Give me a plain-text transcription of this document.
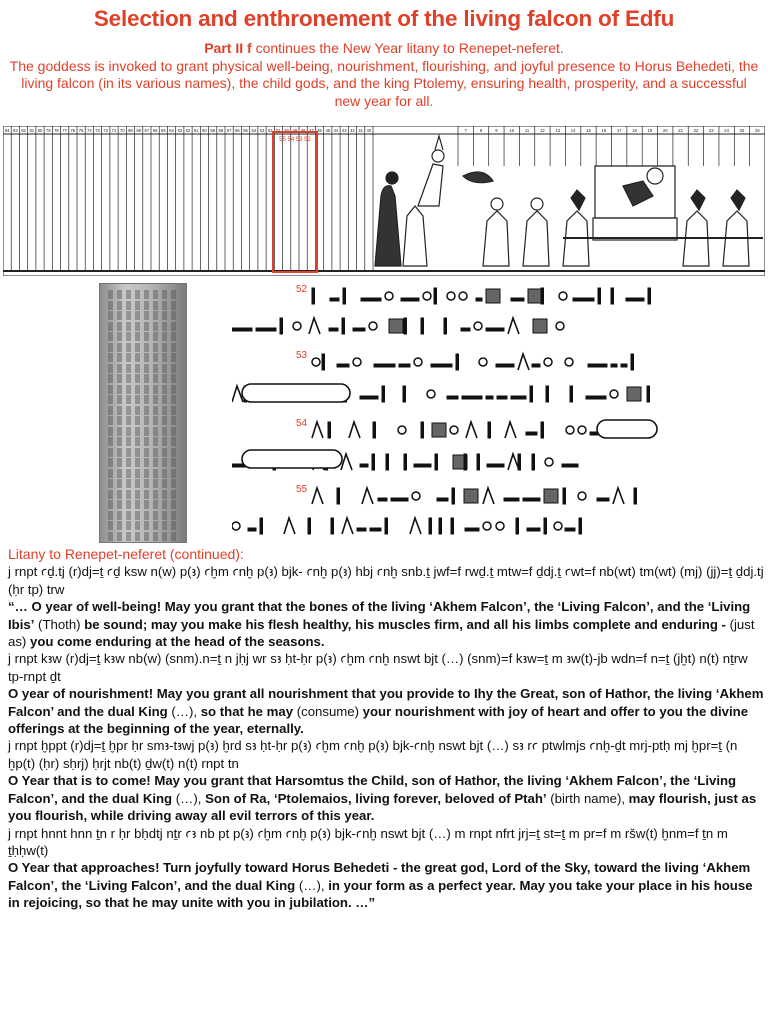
Selection and enthronement of the living falcon of Edfu
Part II f continues the New Year litany to Renepet-neferet.
The goddess is invoked to grant physical well-being, nourishment, flourishing, and joyful presence to Horus Behedeti, the living falcon (in its various names), the child gods, and the king Ptolemy, ensuring health, prosperity, and a successful new year for all.
84 83 82 81 80 79 78 77 76 75 74 73 72 71 70 69 68 67 66 65 64 63 62 61 60 59 58 57 56 55 54 53 52 51 50 49 48 47 46 45 44 43 42 41 40	7	8	9	10	11	12	13	14	15	16	17	18	19	20	21	22	23	24	25	26
55 54 53 52
52
53
54
55

Litany to Renepet-neferet (continued):

j rnpt ꜥḏ.tj (r)dj=ṯ ꜥḏ ksw n(w) p(ꜣ) ꜥḫm ꜥnḫ p(ꜣ) bjk- ꜥnḫ p(ꜣ) hbj ꜥnḫ snb.ṯ jwf=f rwḏ.ṯ mtw=f ḏdj.ṯ ꜥwt=f nb(wt) tm(wt) (mj) (jj)=ṯ ḏdj.tj (ḥr tp) trw

“… O year of well-being! May you grant that the bones of the living ‘Akhem Falcon’, the ‘Living Falcon’, and the ‘Living Ibis’ (Thoth) be sound; may you make his flesh healthy, his muscles firm, and all his limbs complete and enduring - (just as) you come enduring at the head of the seasons.

j rnpt kꜣw (r)dj=ṯ kꜣw nb(w) (snm).n=ṯ n jḥj wr sꜣ ḥt-ḥr p(ꜣ) ꜥḫm ꜥnḫ nswt bjt (…) (snm)=f kꜣw=ṯ m ꜣw(t)-jb wdn=f n=ṯ (jḫt) n(t) nṯrw tp-rnpt ḏt

O year of nourishment! May you grant all nourishment that you provide to Ihy the Great, son of Hathor, the living ‘Akhem Falcon’ and the dual King (…), so that he may (consume) your nourishment with joy of heart and offer to you the divine offerings at the beginning of the year, eternally.

j rnpt ḫppt (r)dj=ṯ ḫpr ḥr smꜣ-tꜣwj p(ꜣ) ḫrd sꜣ ḥt-ḥr p(ꜣ) ꜥḫm ꜥnḫ p(ꜣ) bjk-ꜥnḫ nswt bjt (…) sꜣ rꜥ ptwlmjs ꜥnḫ-ḏt mrj-ptḥ mj ḫpr=ṯ (n ḫp(t) (ḥr) sḥrj) ḥrjt nb(t) ḏw(t) n(t) rnpt tn

O Year that is to come! May you grant that Harsomtus the Child, son of Hathor, the living ‘Akhem Falcon’, the ‘Living Falcon’, and the dual King (…), Son of Ra, ‘Ptolemaios, living forever, beloved of Ptah’ (birth name), may flourish, just as you flourish, while driving away all evil terrors of this year.

j rnpt hnnt hnn ṯn r ḥr bḥdtj nṯr ꜥꜣ nb pt p(ꜣ) ꜥḫm ꜥnḫ p(ꜣ) bjk-ꜥnḫ nswt bjt (…) m rnpt nfrt jrj=ṯ st=ṯ m pr=f m ršw(t) ḫnm=f ṯn m ṯḥḥw(t)

O Year that approaches! Turn joyfully toward Horus Behedeti - the great god, Lord of the Sky, toward the living ‘Akhem Falcon’, the ‘Living Falcon’, and the dual King (…), in your form as a perfect year. May you take your place in his house in rejoicing, so that he may unite with you in jubilation. …”
